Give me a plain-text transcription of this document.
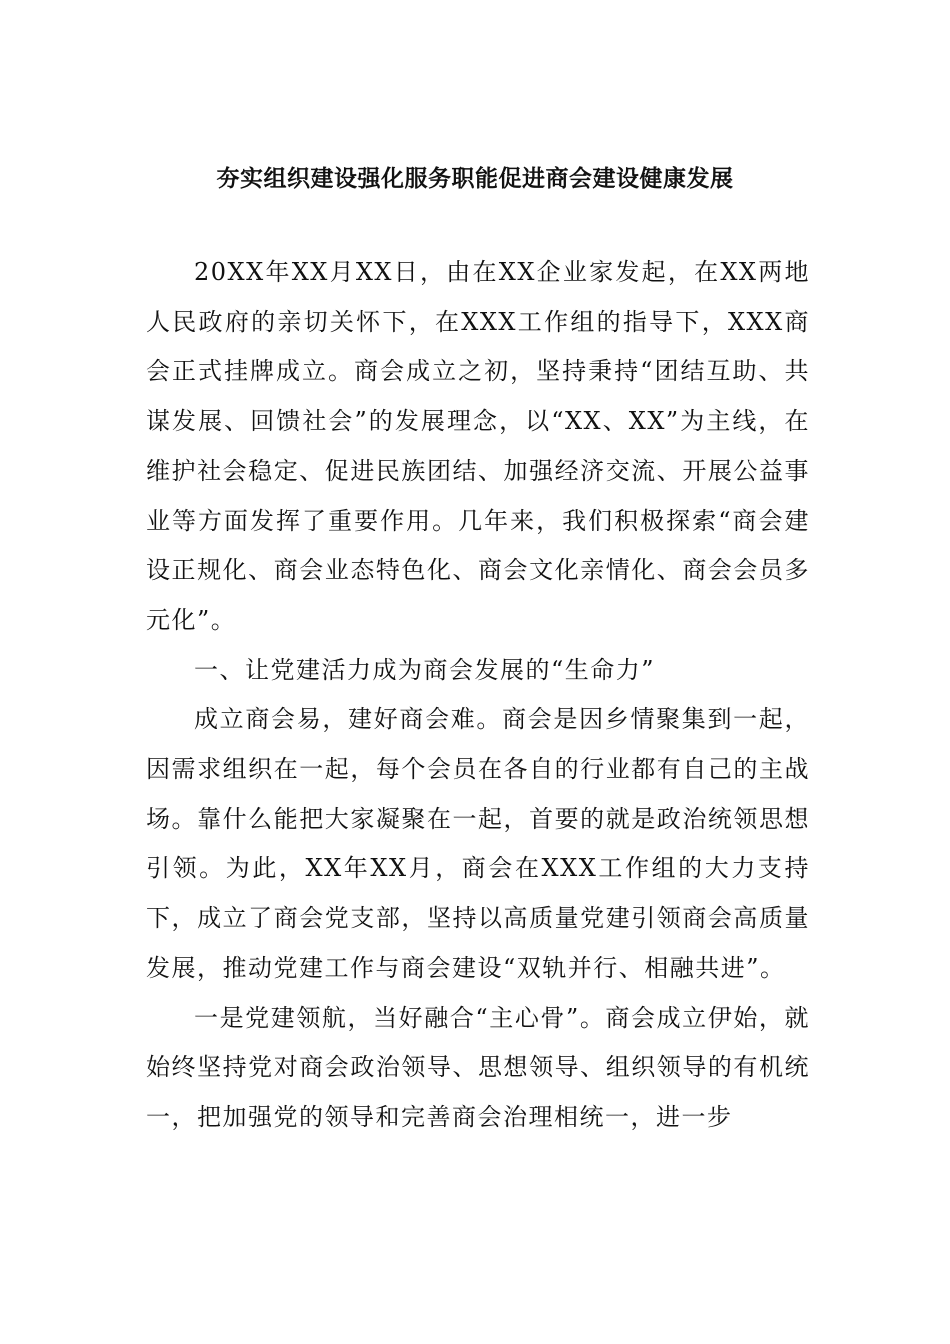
夯实组织建设强化服务职能促进商会建设健康发展

20XX年XX月XX日，由在XX企业家发起，在XX两地人民政府的亲切关怀下，在XXX工作组的指导下，XXX商会正式挂牌成立。商会成立之初，坚持秉持“团结互助、共谋发展、回馈社会”的发展理念，以“XX、XX”为主线，在维护社会稳定、促进民族团结、加强经济交流、开展公益事业等方面发挥了重要作用。几年来，我们积极探索“商会建设正规化、商会业态特色化、商会文化亲情化、商会会员多元化”。

一、让党建活力成为商会发展的“生命力”

成立商会易，建好商会难。商会是因乡情聚集到一起，因需求组织在一起，每个会员在各自的行业都有自己的主战场。靠什么能把大家凝聚在一起，首要的就是政治统领思想引领。为此，XX年XX月，商会在XXX工作组的大力支持下，成立了商会党支部，坚持以高质量党建引领商会高质量发展，推动党建工作与商会建设“双轨并行、相融共进”。

一是党建领航，当好融合“主心骨”。商会成立伊始，就始终坚持党对商会政治领导、思想领导、组织领导的有机统一，把加强党的领导和完善商会治理相统一，进一步
